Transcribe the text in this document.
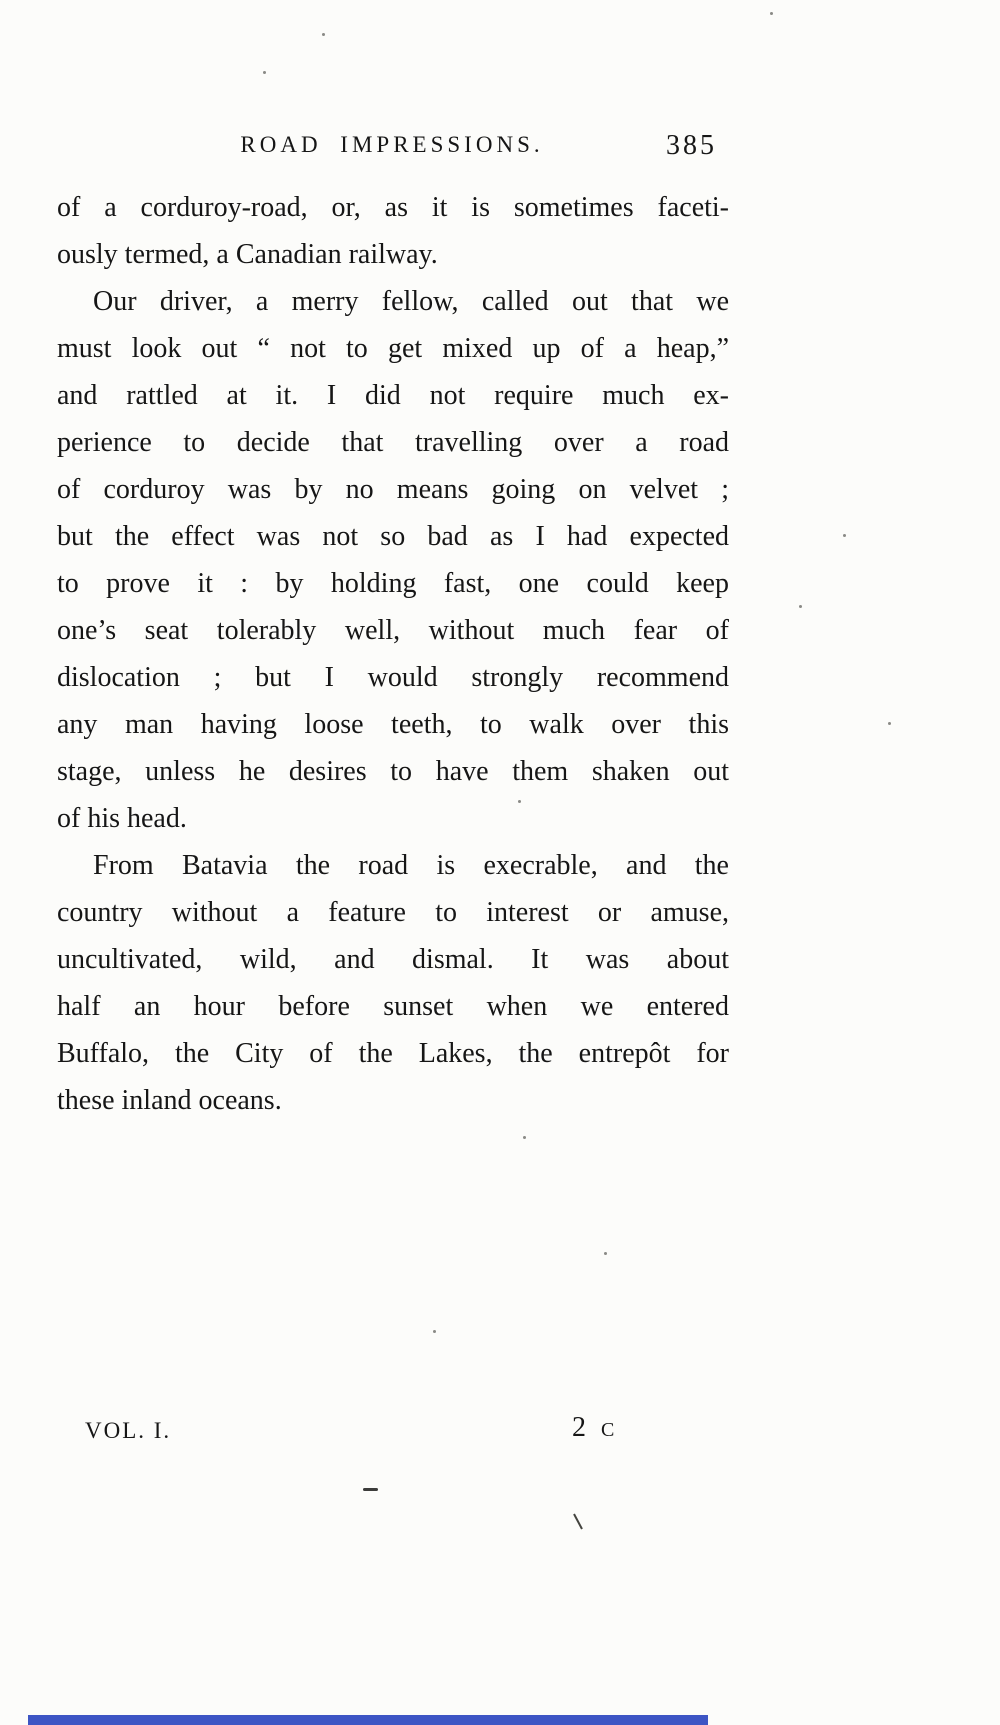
ROAD IMPRESSIONS.	385
of a corduroy-road, or, as it is sometimes faceti-
ously termed, a Canadian railway.
Our driver, a merry fellow, called out that we
must look out “ not to get mixed up of a heap,”
and rattled at it. I did not require much ex-
perience to decide that travelling over a road
of corduroy was by no means going on velvet ;
but the effect was not so bad as I had expected
to prove it : by holding fast, one could keep
one’s seat tolerably well, without much fear of
dislocation ; but I would strongly recommend
any man having loose teeth, to walk over this
stage, unless he desires to have them shaken out
of his head.
From Batavia the road is execrable, and the
country without a feature to interest or amuse,
uncultivated, wild, and dismal. It was about
half an hour before sunset when we entered
Buffalo, the City of the Lakes, the entrepôt for
these inland oceans.
VOL. I.	2 c
